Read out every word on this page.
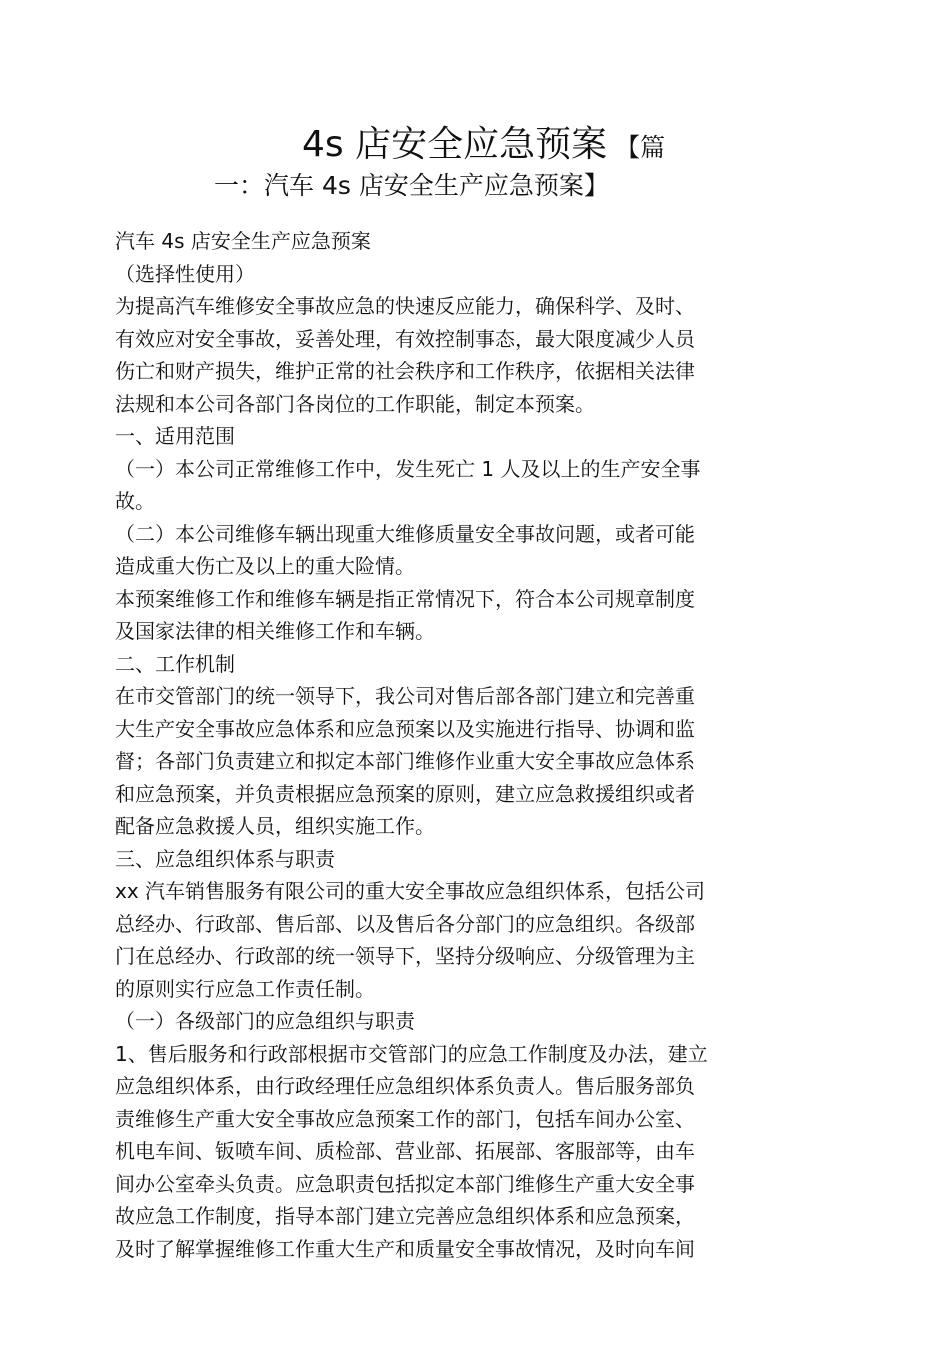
4s 店安全应急预案 【篇
一：汽车 4s 店安全生产应急预案】
汽车 4s 店安全生产应急预案
（选择性使用）
为提高汽车维修安全事故应急的快速反应能力，确保科学、及时、
有效应对安全事故，妥善处理，有效控制事态，最大限度减少人员
伤亡和财产损失，维护正常的社会秩序和工作秩序，依据相关法律
法规和本公司各部门各岗位的工作职能，制定本预案。
一、适用范围
（一）本公司正常维修工作中，发生死亡 1 人及以上的生产安全事
故。
（二）本公司维修车辆出现重大维修质量安全事故问题，或者可能
造成重大伤亡及以上的重大险情。
本预案维修工作和维修车辆是指正常情况下，符合本公司规章制度
及国家法律的相关维修工作和车辆。
二、工作机制
在市交管部门的统一领导下，我公司对售后部各部门建立和完善重
大生产安全事故应急体系和应急预案以及实施进行指导、协调和监
督；各部门负责建立和拟定本部门维修作业重大安全事故应急体系
和应急预案，并负责根据应急预案的原则，建立应急救援组织或者
配备应急救援人员，组织实施工作。
三、应急组织体系与职责
xx 汽车销售服务有限公司的重大安全事故应急组织体系，包括公司
总经办、行政部、售后部、以及售后各分部门的应急组织。各级部
门在总经办、行政部的统一领导下，坚持分级响应、分级管理为主
的原则实行应急工作责任制。
（一）各级部门的应急组织与职责
1、售后服务和行政部根据市交管部门的应急工作制度及办法，建立
应急组织体系，由行政经理任应急组织体系负责人。售后服务部负
责维修生产重大安全事故应急预案工作的部门，包括车间办公室、
机电车间、钣喷车间、质检部、营业部、拓展部、客服部等，由车
间办公室牵头负责。应急职责包括拟定本部门维修生产重大安全事
故应急工作制度，指导本部门建立完善应急组织体系和应急预案，
及时了解掌握维修工作重大生产和质量安全事故情况，及时向车间
